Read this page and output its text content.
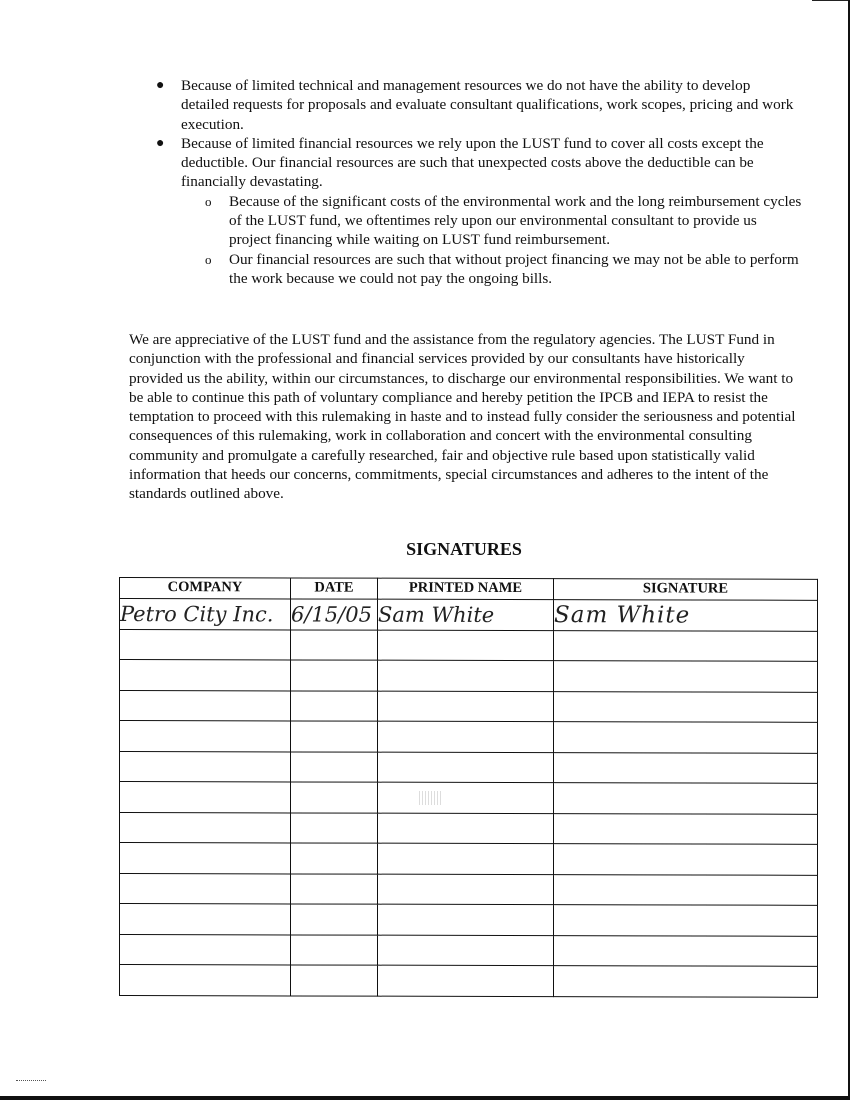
● Because of limited technical and management resources we do not have the ability to develop detailed requests for proposals and evaluate consultant qualifications, work scopes, pricing and work execution.
● Because of limited financial resources we rely upon the LUST fund to cover all costs except the deductible. Our financial resources are such that unexpected costs above the deductible can be financially devastating.
o Because of the significant costs of the environmental work and the long reimbursement cycles of the LUST fund, we oftentimes rely upon our environmental consultant to provide us project financing while waiting on LUST fund reimbursement.
o Our financial resources are such that without project financing we may not be able to perform the work because we could not pay the ongoing bills.
We are appreciative of the LUST fund and the assistance from the regulatory agencies. The LUST Fund in conjunction with the professional and financial services provided by our consultants have historically provided us the ability, within our circumstances, to discharge our environmental responsibilities. We want to be able to continue this path of voluntary compliance and hereby petition the IPCB and IEPA to resist the temptation to proceed with this rulemaking in haste and to instead fully consider the seriousness and potential consequences of this rulemaking, work in collaboration and concert with the environmental consulting community and promulgate a carefully researched, fair and objective rule based upon statistically valid information that heeds our concerns, commitments, special circumstances and adheres to the intent of the standards outlined above.
SIGNATURES
COMPANY	DATE	PRINTED NAME	SIGNATURE
Petro City Inc.	6/15/05	Sam White	Sam White
